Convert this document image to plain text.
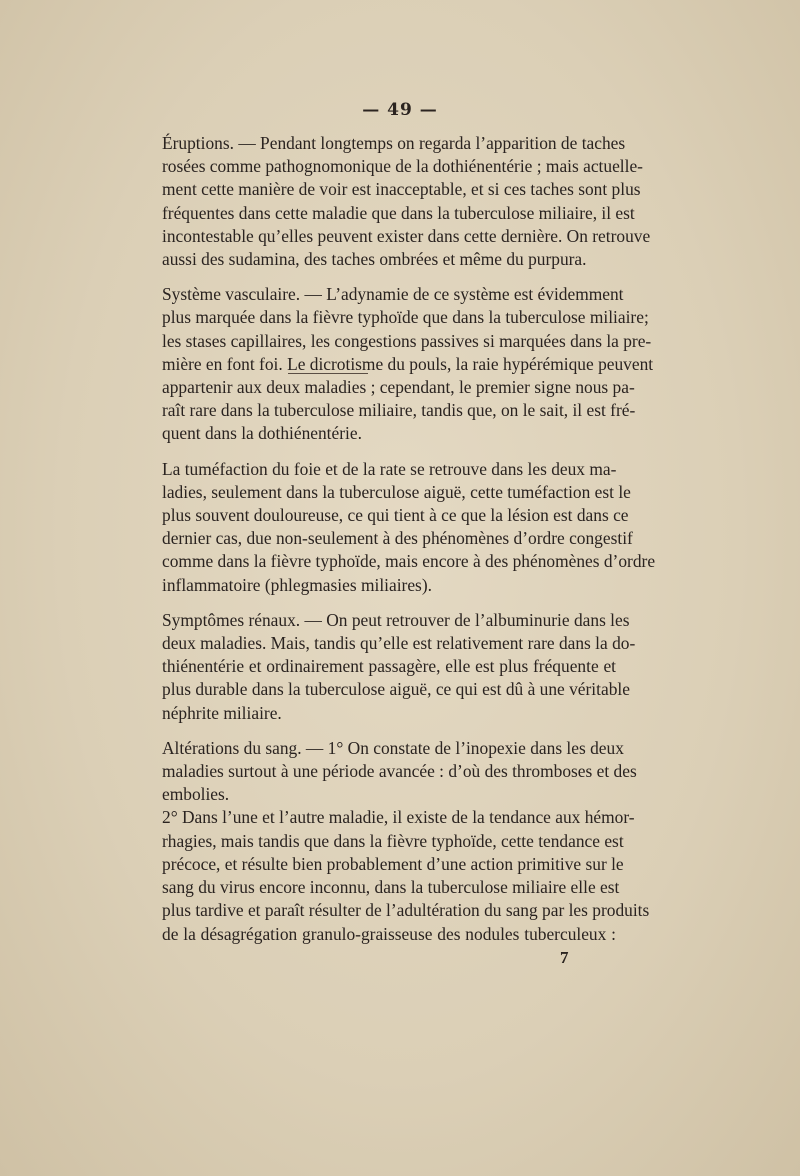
— 49 —

Éruptions. — Pendant longtemps on regarda l’apparition de taches
rosées comme pathognomonique de la dothiénentérie ; mais actuelle-
ment cette manière de voir est inacceptable, et si ces taches sont plus
fréquentes dans cette maladie que dans la tuberculose miliaire, il est
incontestable qu’elles peuvent exister dans cette dernière. On retrouve
aussi des sudamina, des taches ombrées et même du purpura.

Système vasculaire. — L’adynamie de ce système est évidemment
plus marquée dans la fièvre typhoïde que dans la tuberculose miliaire;
les stases capillaires, les congestions passives si marquées dans la pre-
mière en font foi. Le dicrotisme du pouls, la raie hypérémique peuvent
appartenir aux deux maladies ; cependant, le premier signe nous pa-
raît rare dans la tuberculose miliaire, tandis que, on le sait, il est fré-
quent dans la dothiénentérie.

La tuméfaction du foie et de la rate se retrouve dans les deux ma-
ladies, seulement dans la tuberculose aiguë, cette tuméfaction est le
plus souvent douloureuse, ce qui tient à ce que la lésion est dans ce
dernier cas, due non-seulement à des phénomènes d’ordre congestif
comme dans la fièvre typhoïde, mais encore à des phénomènes d’ordre
inflammatoire (phlegmasies miliaires).

Symptômes rénaux. — On peut retrouver de l’albuminurie dans les
deux maladies. Mais, tandis qu’elle est relativement rare dans la do-
thiénentérie et ordinairement passagère, elle est plus fréquente et
plus durable dans la tuberculose aiguë, ce qui est dû à une véritable
néphrite miliaire.

Altérations du sang. — 1° On constate de l’inopexie dans les deux
maladies surtout à une période avancée : d’où des thromboses et des
embolies.

2° Dans l’une et l’autre maladie, il existe de la tendance aux hémor-
rhagies, mais tandis que dans la fièvre typhoïde, cette tendance est
précoce, et résulte bien probablement d’une action primitive sur le
sang du virus encore inconnu, dans la tuberculose miliaire elle est
plus tardive et paraît résulter de l’adultération du sang par les produits
de la désagrégation granulo-graisseuse des nodules tuberculeux :

7
